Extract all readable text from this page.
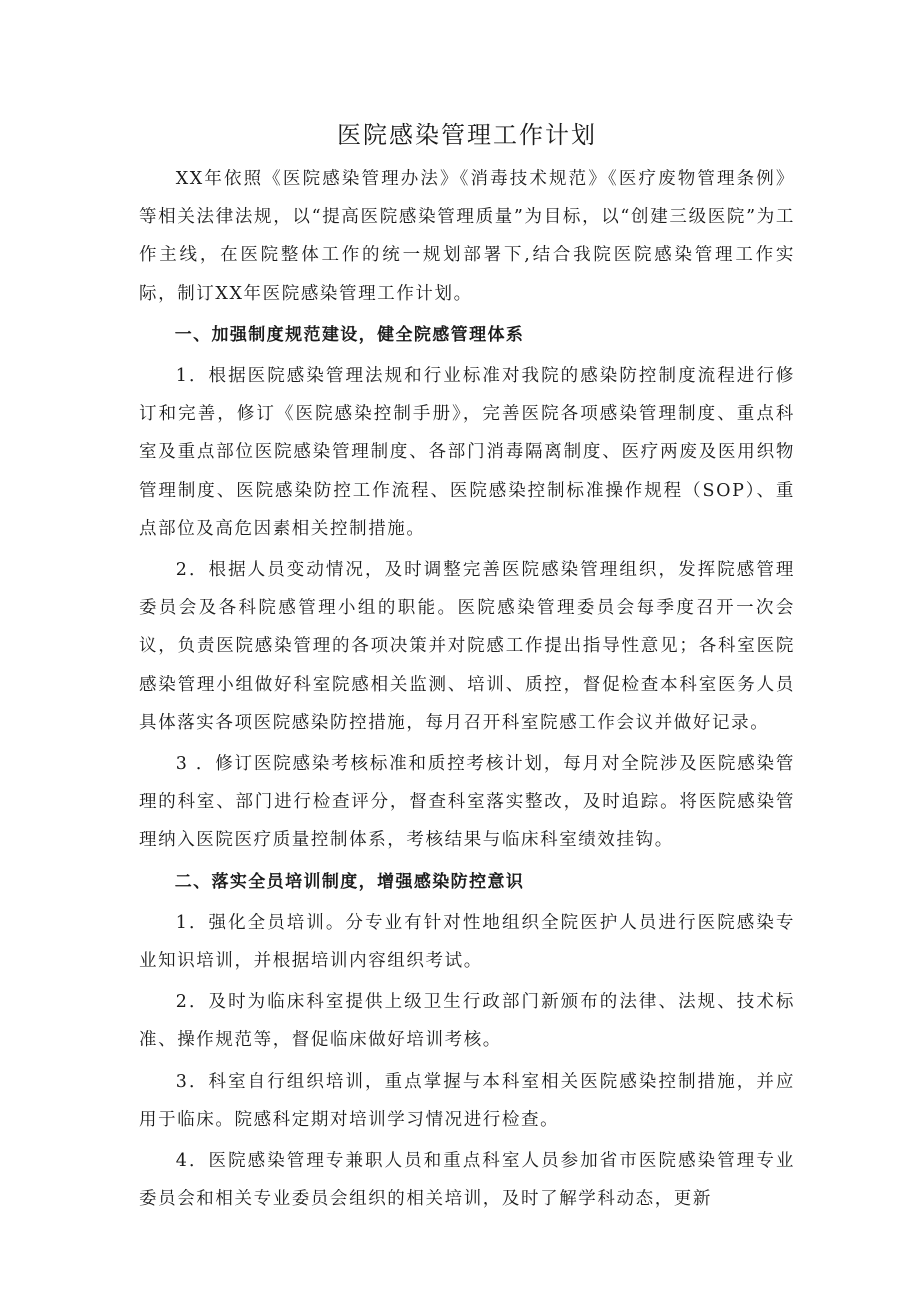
医院感染管理工作计划

XX年依照《医院感染管理办法》《消毒技术规范》《医疗废物管理条例》等相关法律法规，以“提高医院感染管理质量”为目标，以“创建三级医院”为工作主线，在医院整体工作的统一规划部署下,结合我院医院感染管理工作实际，制订XX年医院感染管理工作计划。

一、加强制度规范建设，健全院感管理体系

1．根据医院感染管理法规和行业标准对我院的感染防控制度流程进行修订和完善，修订《医院感染控制手册》，完善医院各项感染管理制度、重点科室及重点部位医院感染管理制度、各部门消毒隔离制度、医疗两废及医用织物管理制度、医院感染防控工作流程、医院感染控制标准操作规程（SOP）、重点部位及高危因素相关控制措施。

2．根据人员变动情况，及时调整完善医院感染管理组织，发挥院感管理委员会及各科院感管理小组的职能。医院感染管理委员会每季度召开一次会议，负责医院感染管理的各项决策并对院感工作提出指导性意见；各科室医院感染管理小组做好科室院感相关监测、培训、质控，督促检查本科室医务人员具体落实各项医院感染防控措施，每月召开科室院感工作会议并做好记录。

3 ．修订医院感染考核标准和质控考核计划，每月对全院涉及医院感染管理的科室、部门进行检查评分，督查科室落实整改，及时追踪。将医院感染管理纳入医院医疗质量控制体系，考核结果与临床科室绩效挂钩。

二、落实全员培训制度，增强感染防控意识

1．强化全员培训。分专业有针对性地组织全院医护人员进行医院感染专业知识培训，并根据培训内容组织考试。

2．及时为临床科室提供上级卫生行政部门新颁布的法律、法规、技术标准、操作规范等，督促临床做好培训考核。

3．科室自行组织培训，重点掌握与本科室相关医院感染控制措施，并应用于临床。院感科定期对培训学习情况进行检查。

4．医院感染管理专兼职人员和重点科室人员参加省市医院感染管理专业委员会和相关专业委员会组织的相关培训，及时了解学科动态，更新
